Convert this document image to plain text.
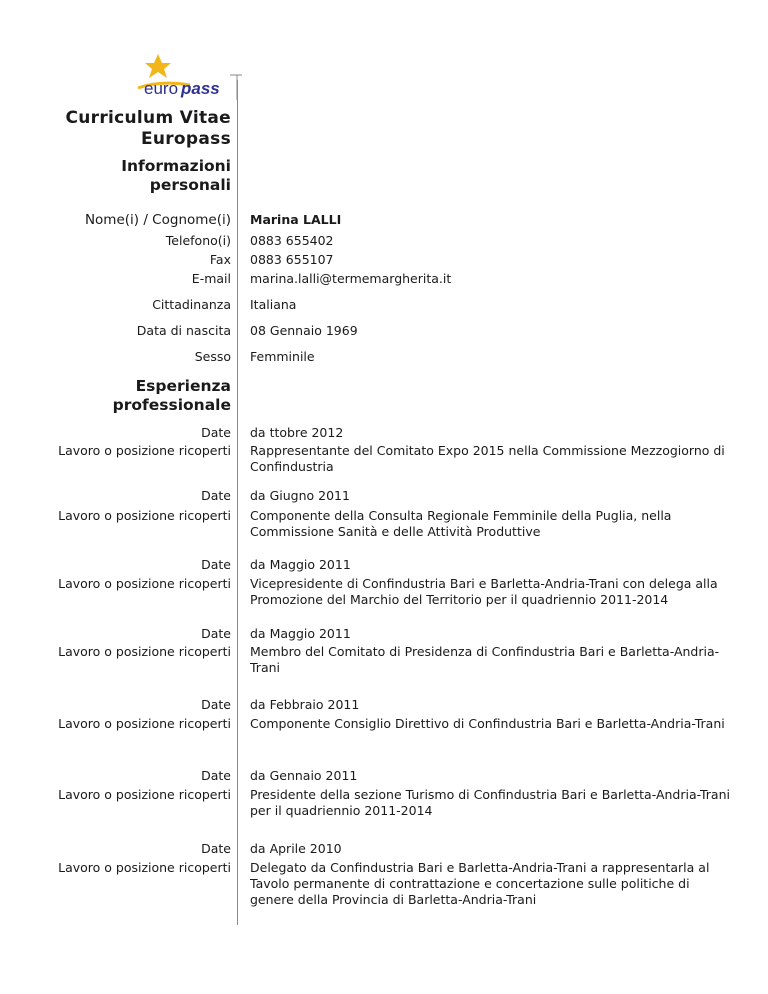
euro pass
Curriculum Vitae
Europass
Informazioni
personali
Nome(i) / Cognome(i) Marina LALLI
Telefono(i) 0883 655402
Fax 0883 655107
E-mail marina.lalli@termemargherita.it
Cittadinanza Italiana
Data di nascita 08 Gennaio 1969
Sesso Femminile
Esperienza
professionale
Date da ttobre 2012
Lavoro o posizione ricoperti Rappresentante del Comitato Expo 2015 nella Commissione Mezzogiorno di Confindustria
Date da Giugno 2011
Lavoro o posizione ricoperti Componente della Consulta Regionale Femminile della Puglia, nella Commissione Sanità e delle Attività Produttive
Date da Maggio 2011
Lavoro o posizione ricoperti Vicepresidente di Confindustria Bari e Barletta-Andria-Trani con delega alla Promozione del Marchio del Territorio per il quadriennio 2011-2014
Date da Maggio 2011
Lavoro o posizione ricoperti Membro del Comitato di Presidenza di Confindustria Bari e Barletta-Andria-Trani
Date da Febbraio 2011
Lavoro o posizione ricoperti Componente Consiglio Direttivo di Confindustria Bari e Barletta-Andria-Trani
Date da Gennaio 2011
Lavoro o posizione ricoperti Presidente della sezione Turismo di Confindustria Bari e Barletta-Andria-Trani per il quadriennio 2011-2014
Date da Aprile 2010
Lavoro o posizione ricoperti Delegato da Confindustria Bari e Barletta-Andria-Trani a rappresentarla al Tavolo permanente di contrattazione e concertazione sulle politiche di genere della Provincia di Barletta-Andria-Trani
